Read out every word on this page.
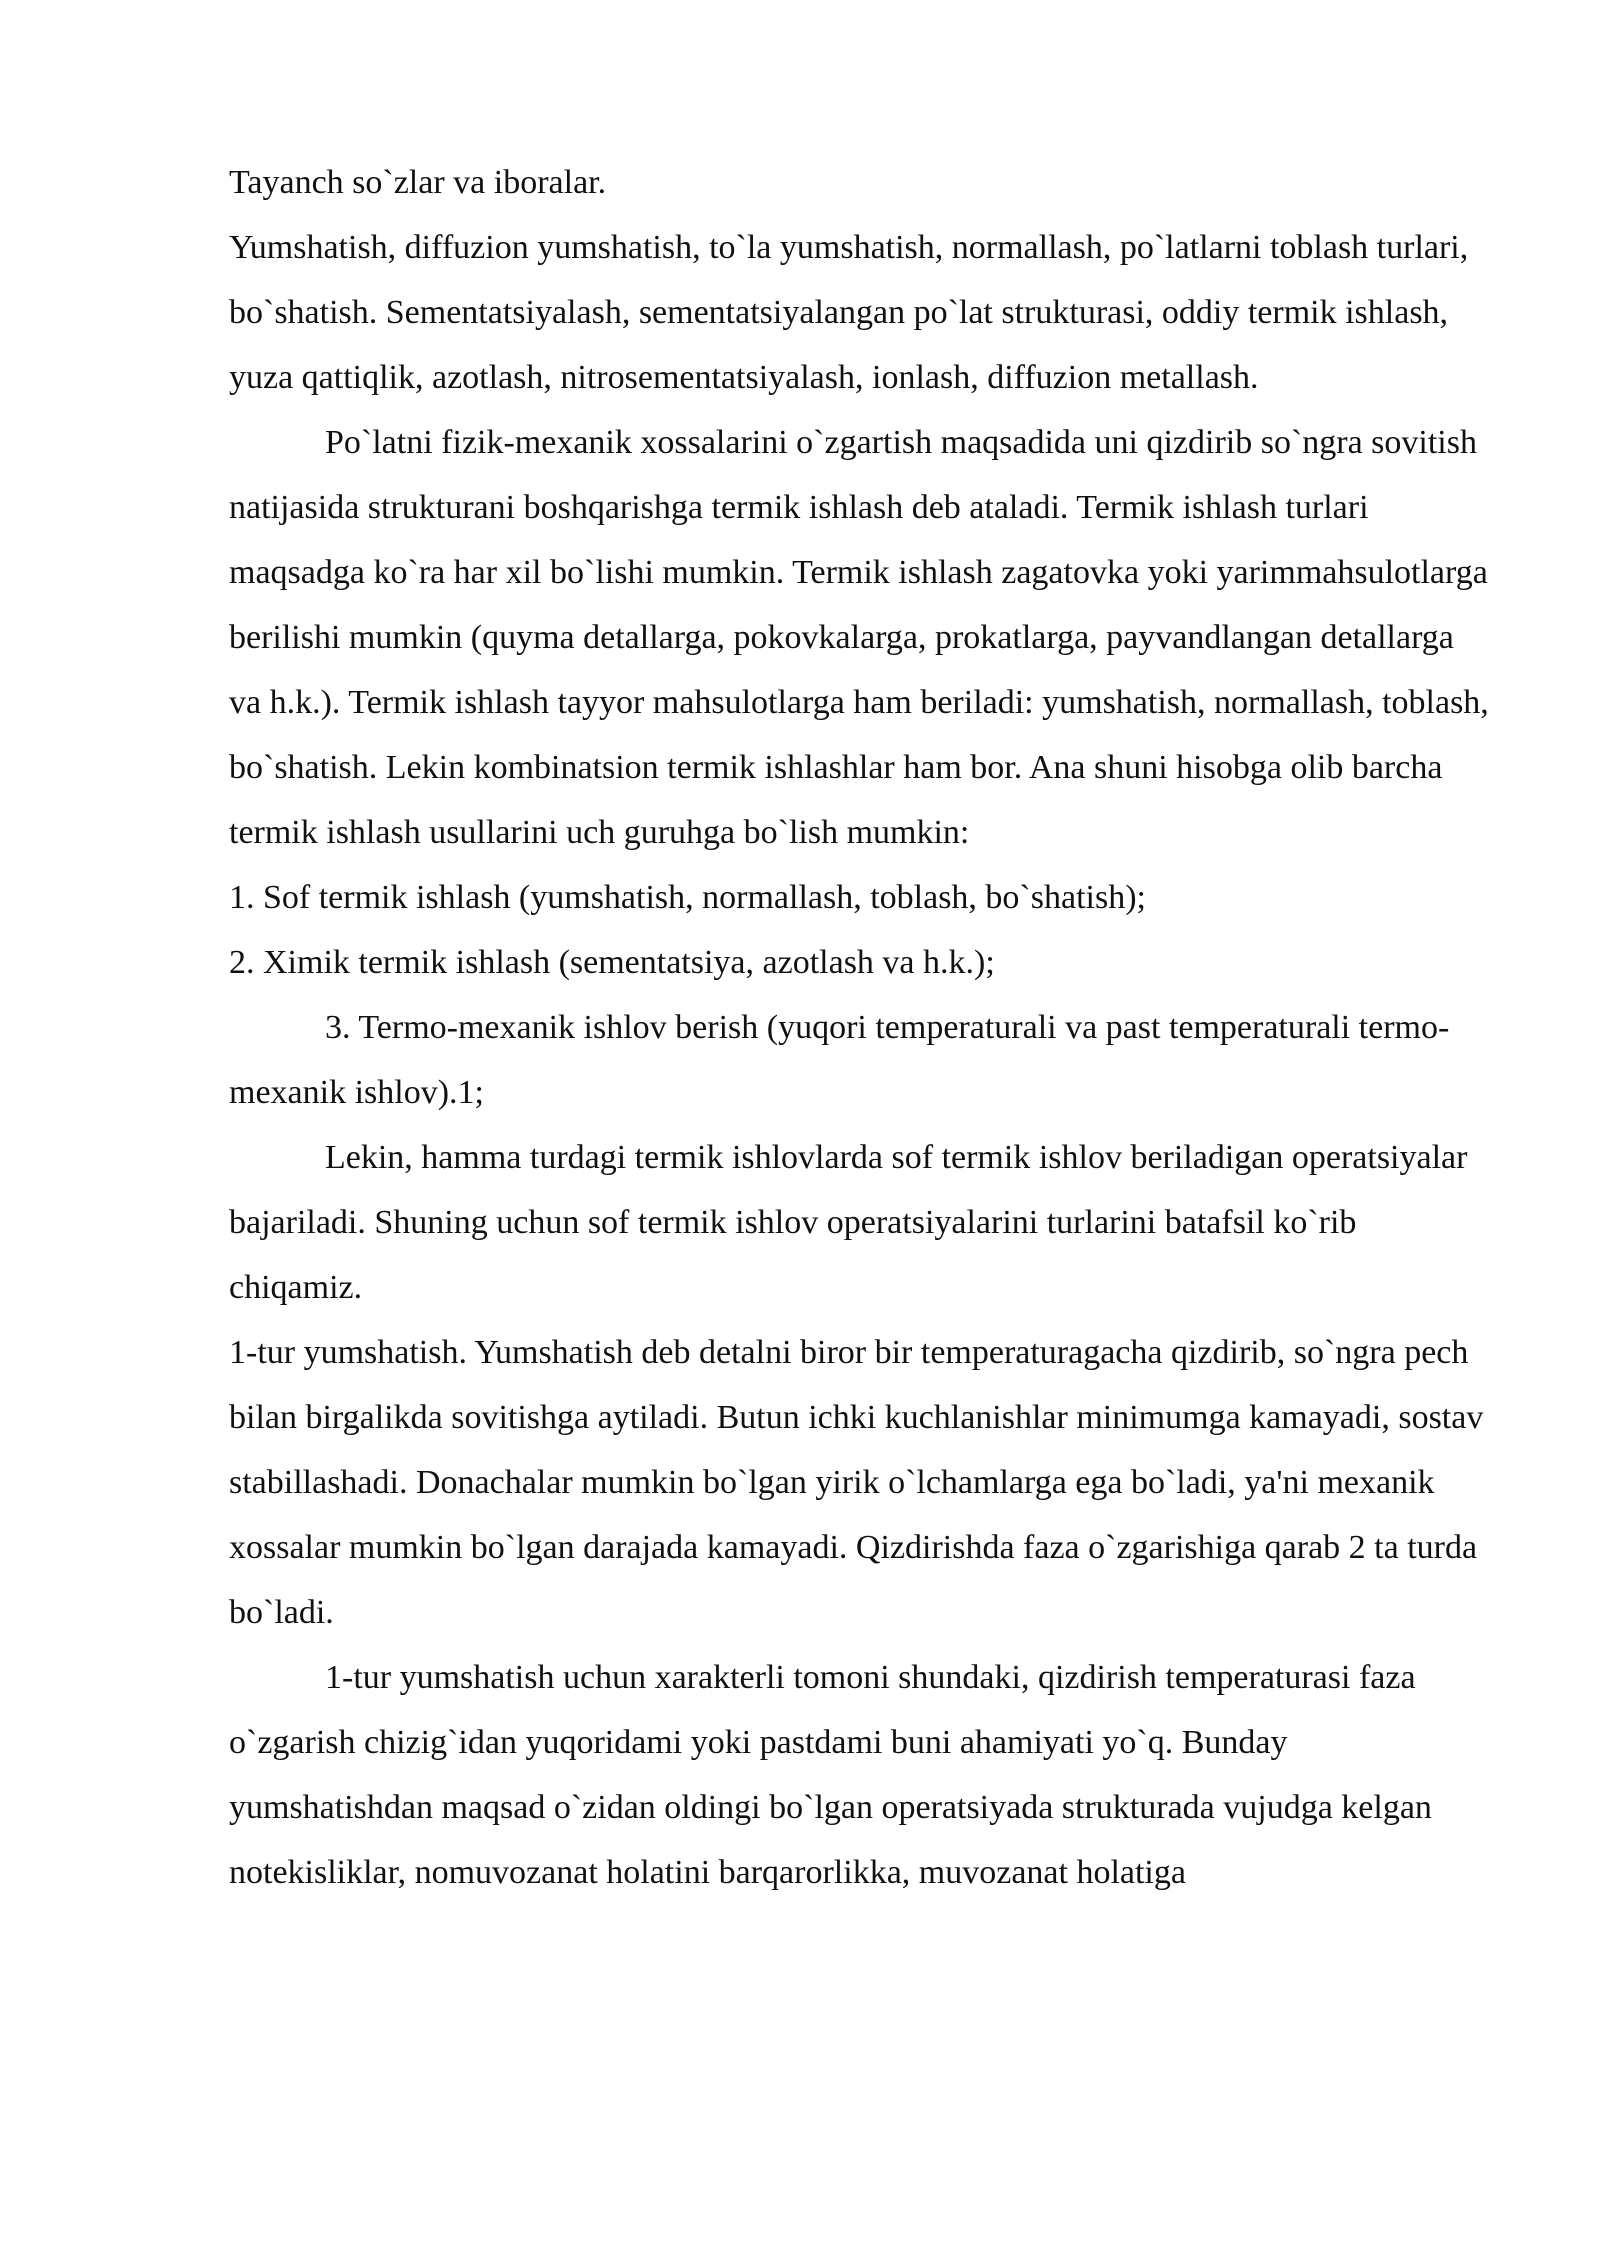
Tayanch so`zlar va iboralar.

Yumshatish, diffuzion yumshatish, to`la yumshatish, normallash, po`latlarni toblash turlari, bo`shatish. Sementatsiyalash, sementatsiyalangan po`lat strukturasi, oddiy termik ishlash, yuza qattiqlik, azotlash, nitrosementatsiyalash, ionlash, diffuzion metallash.

Po`latni fizik-mexanik xossalarini o`zgartish maqsadida uni qizdirib so`ngra sovitish natijasida strukturani boshqarishga termik ishlash deb ataladi. Termik ishlash turlari maqsadga ko`ra har xil bo`lishi mumkin. Termik ishlash zagatovka yoki yarimmahsulotlarga berilishi mumkin (quyma detallarga, pokovkalarga, prokatlarga, payvandlangan detallarga va h.k.). Termik ishlash tayyor mahsulotlarga ham beriladi: yumshatish, normallash, toblash, bo`shatish. Lekin kombinatsion termik ishlashlar ham bor. Ana shuni hisobga olib barcha termik ishlash usullarini uch guruhga bo`lish mumkin:

1. Sof termik ishlash (yumshatish, normallash, toblash, bo`shatish);

2. Ximik termik ishlash (sementatsiya, azotlash va h.k.);

3. Termo-mexanik ishlov berish (yuqori temperaturali va past temperaturali termo-mexanik ishlov).1;

Lekin, hamma turdagi termik ishlovlarda sof termik ishlov beriladigan operatsiyalar

bajariladi. Shuning uchun sof termik ishlov operatsiyalarini turlarini batafsil ko`rib chiqamiz.

1-tur yumshatish. Yumshatish deb detalni biror bir temperaturagacha qizdirib, so`ngra pech bilan birgalikda sovitishga aytiladi. Butun ichki kuchlanishlar minimumga kamayadi, sostav stabillashadi. Donachalar mumkin bo`lgan yirik o`lchamlarga ega bo`ladi, ya'ni mexanik xossalar mumkin bo`lgan darajada kamayadi. Qizdirishda faza o`zgarishiga qarab 2 ta turda bo`ladi.

1-tur yumshatish uchun xarakterli tomoni shundaki, qizdirish temperaturasi faza o`zgarish chizig`idan yuqoridami yoki pastdami buni ahamiyati yo`q. Bunday yumshatishdan maqsad o`zidan oldingi bo`lgan operatsiyada strukturada vujudga kelgan notekisliklar, nomuvozanat holatini barqarorlikka, muvozanat holatiga
